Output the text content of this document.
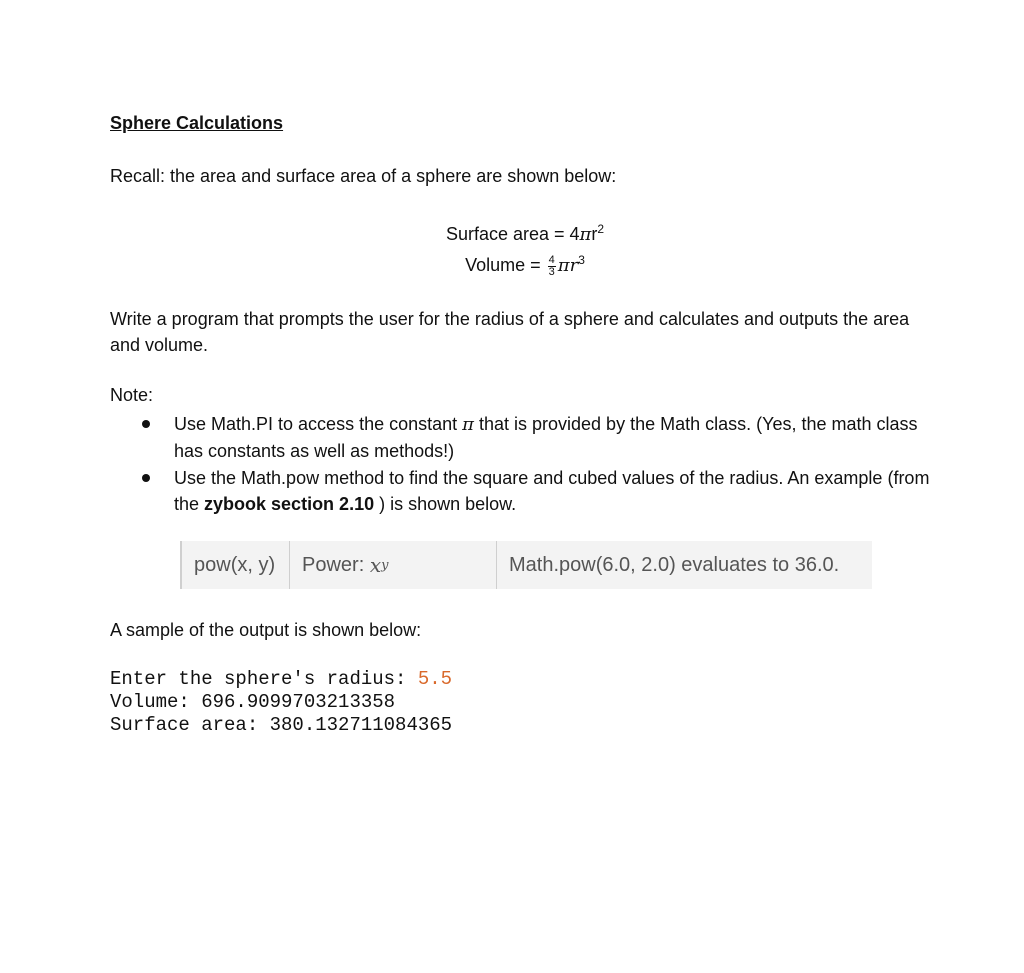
Sphere Calculations
Recall: the area and surface area of a sphere are shown below:
Surface area = $4\pi r^2$
Volume = $\frac{4}{3} \pi r^3$
Write a program that prompts the user for the radius of a sphere and calculates and outputs the area and volume.
Note:
Use Math.PI to access the constant π that is provided by the Math class. (Yes, the math class has constants as well as methods!)
Use the Math.pow method to find the square and cubed values of the radius. An example (from the zybook section 2.10 ) is shown below.
pow(x, y)	Power:
x y	Math.pow(6.0, 2.0) evaluates to 36.0.
A sample of the output is shown below:
Enter the sphere's radius: 5.5
Volume: 696.9099703213358
Surface area: 380.132711084365
